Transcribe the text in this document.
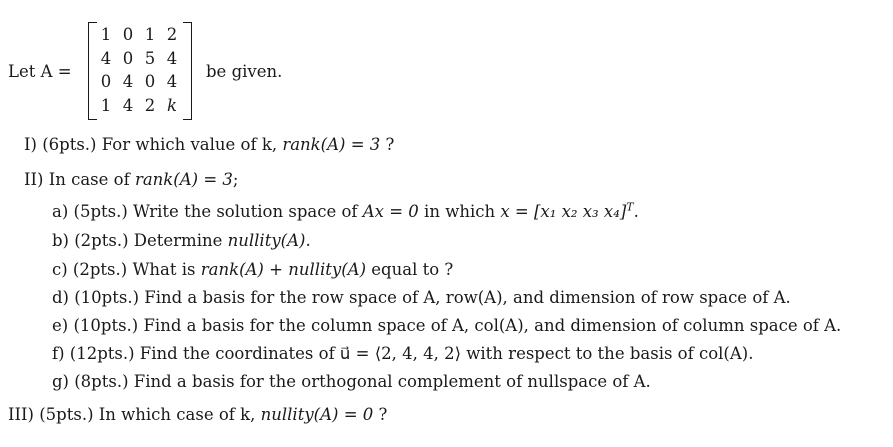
Let A =
1 0 1 2
4 0 5 4
0 4 0 4
1 4 2 k
be given.
I) (6pts.) For which value of k, rank(A) = 3 ?
II) In case of rank(A) = 3;
a) (5pts.) Write the solution space of Ax = 0 in which x = [x₁ x₂ x₃ x₄]$^T$.
b) (2pts.) Determine nullity(A).
c) (2pts.) What is rank(A) + nullity(A) equal to ?
d) (10pts.) Find a basis for the row space of A, row(A), and dimension of row space of A.
e) (10pts.) Find a basis for the column space of A, col(A), and dimension of column space of A.
f) (12pts.) Find the coordinates of u⃗ = ⟨2, 4, 4, 2⟩ with respect to the basis of col(A).
g) (8pts.) Find a basis for the orthogonal complement of nullspace of A.
III) (5pts.) In which case of k, nullity(A) = 0 ?
